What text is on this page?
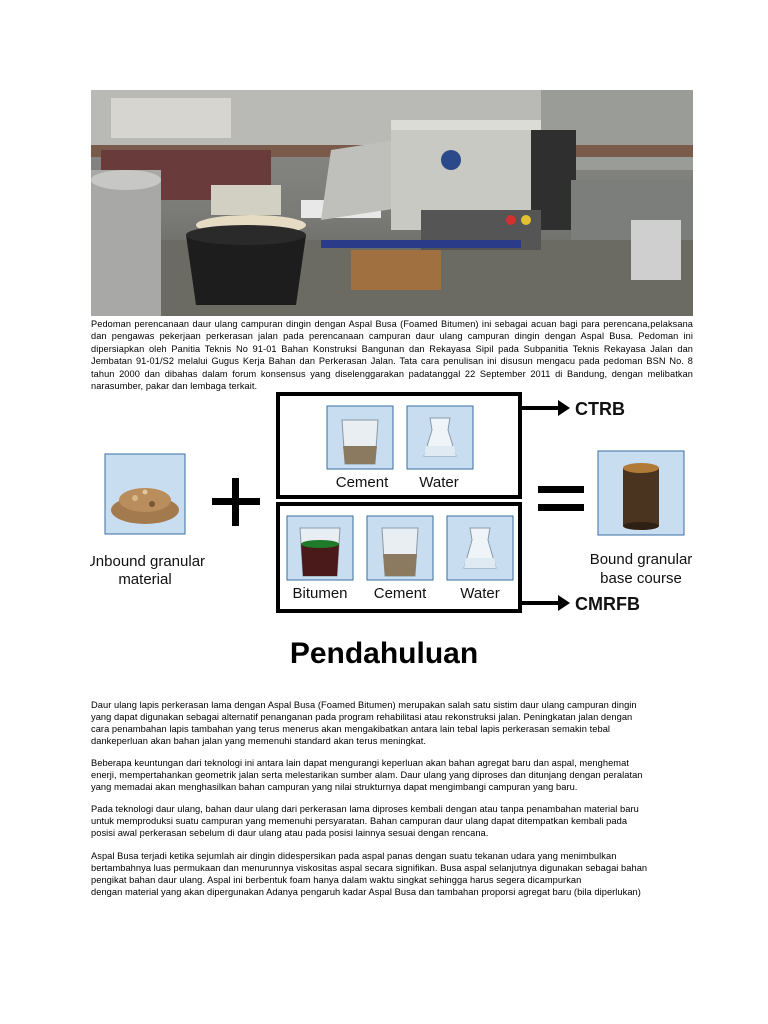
Pedoman perencanaan daur ulang campuran dingin dengan Aspal Busa (Foamed Bitumen) ini sebagai acuan bagi para perencana,pelaksana dan pengawas pekerjaan perkerasan jalan pada perencanaan campuran daur ulang campuran dingin dengan Aspal Busa. Pedoman ini dipersiapkan oleh Panitia Teknis No 91-01 Bahan Konstruksi Bangunan dan Rekayasa Sipil pada Subpanitia Teknis Rekayasa Jalan dan Jembatan 91-01/S2 melalui Gugus Kerja Bahan dan Perkerasan Jalan. Tata cara penulisan ini disusun mengacu pada pedoman BSN No. 8 tahun 2000 dan dibahas dalam forum konsensus yang diselenggarakan padatanggal 22 September 2011 di Bandung, dengan melibatkan narasumber, pakar dan lembaga terkait.
CTRB
CMRFB
Unbound granular
material
Cement Water
Bitumen Cement Water
Bound granular
base course
Pendahuluan
Daur ulang lapis perkerasan lama dengan Aspal Busa (Foamed Bitumen) merupakan salah satu sistim daur ulang campuran dingin
yang dapat digunakan sebagai alternatif penanganan pada program rehabilitasi atau rekonstruksi jalan. Peningkatan jalan dengan
cara penambahan lapis tambahan yang terus menerus akan mengakibatkan antara lain tebal lapis perkerasan semakin tebal
dankeperluan akan bahan jalan yang memenuhi standard akan terus meningkat.
Beberapa keuntungan dari teknologi ini antara lain dapat mengurangi keperluan akan bahan agregat baru dan aspal, menghemat
enerji, mempertahankan geometrik jalan serta melestarikan sumber alam. Daur ulang yang diproses dan ditunjang dengan peralatan
yang memadai akan menghasilkan bahan campuran yang nilai strukturnya dapat mengimbangi campuran yang baru.
Pada teknologi daur ulang, bahan daur ulang dari perkerasan lama diproses kembali dengan atau tanpa penambahan material baru
untuk memproduksi suatu campuran yang memenuhi persyaratan. Bahan campuran daur ulang dapat ditempatkan kembali pada
posisi awal perkerasan sebelum di daur ulang atau pada posisi lainnya sesuai dengan rencana.
Aspal Busa terjadi ketika sejumlah air dingin didespersikan pada aspal panas dengan suatu tekanan udara yang menimbulkan
bertambahnya luas permukaan dan menurunnya viskositas aspal secara signifikan. Busa aspal selanjutnya digunakan sebagai bahan
pengikat bahan daur ulang. Aspal ini berbentuk foam hanya dalam waktu singkat sehingga harus segera dicampurkan
dengan material yang akan dipergunakan Adanya pengaruh kadar Aspal Busa dan tambahan proporsi agregat baru (bila diperlukan)
